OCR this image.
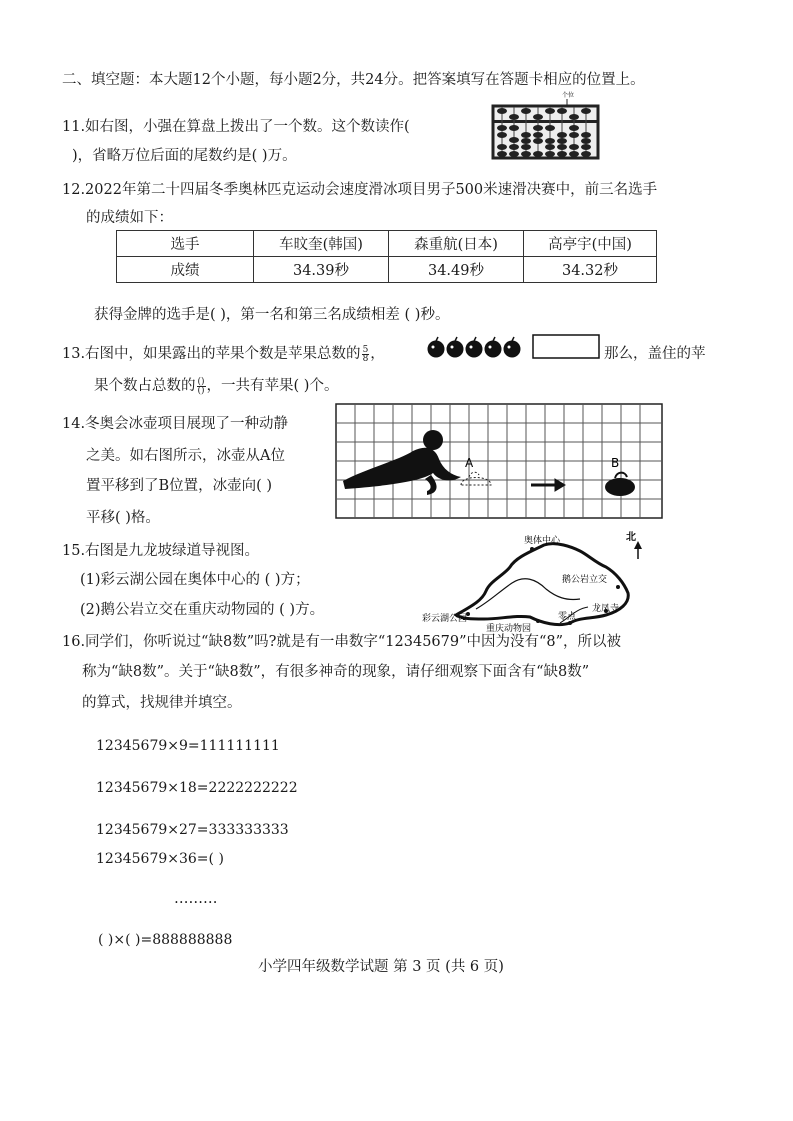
二、填空题：本大题12个小题，每小题2分，共24分。把答案填写在答题卡相应的位置上。
11.如右图，小强在算盘上拨出了一个数。这个数读作(
)，省略万位后面的尾数约是( )万。
个位
12.2022年第二十四届冬季奥林匹克运动会速度滑冰项目男子500米速滑决赛中，前三名选手
的成绩如下：
选手	车旼奎(韩国)	森重航(日本)	高亭宇(中国)
成绩	34.39秒	34.49秒	34.32秒
获得金牌的选手是( )，第一名和第三名成绩相差 ( )秒。
13.右图中，如果露出的苹果个数是苹果总数的 $\frac{5}{8}$ ，	那么，盖住的苹
果个数占总数的 $\frac{()}{()}$ ，一共有苹果( )个。
14.冬奥会冰壶项目展现了一种动静
之美。如右图所示，冰壶从A位
置平移到了B位置，冰壶向( )
平移( )格。
A	B
15.右图是九龙坡绿道导视图。
(1)彩云湖公园在奥体中心的 ( )方；
(2)鹅公岩立交在重庆动物园的 ( )方。
北
奥体中心
鹅公岩立交
龙凤寺
零点
彩云湖公园
重庆动物园
16.同学们，你听说过“缺8数”吗?就是有一串数字“12345679”中因为没有“8”，所以被
称为“缺8数”。关于“缺8数”，有很多神奇的现象，请仔细观察下面含有“缺8数”
的算式，找规律并填空。
12345679×9=111111111
12345679×18=2222222222
12345679×27=333333333
12345679×36=( )
………
( )×( )=888888888
小学四年级数学试题 第 3 页 (共 6 页)
